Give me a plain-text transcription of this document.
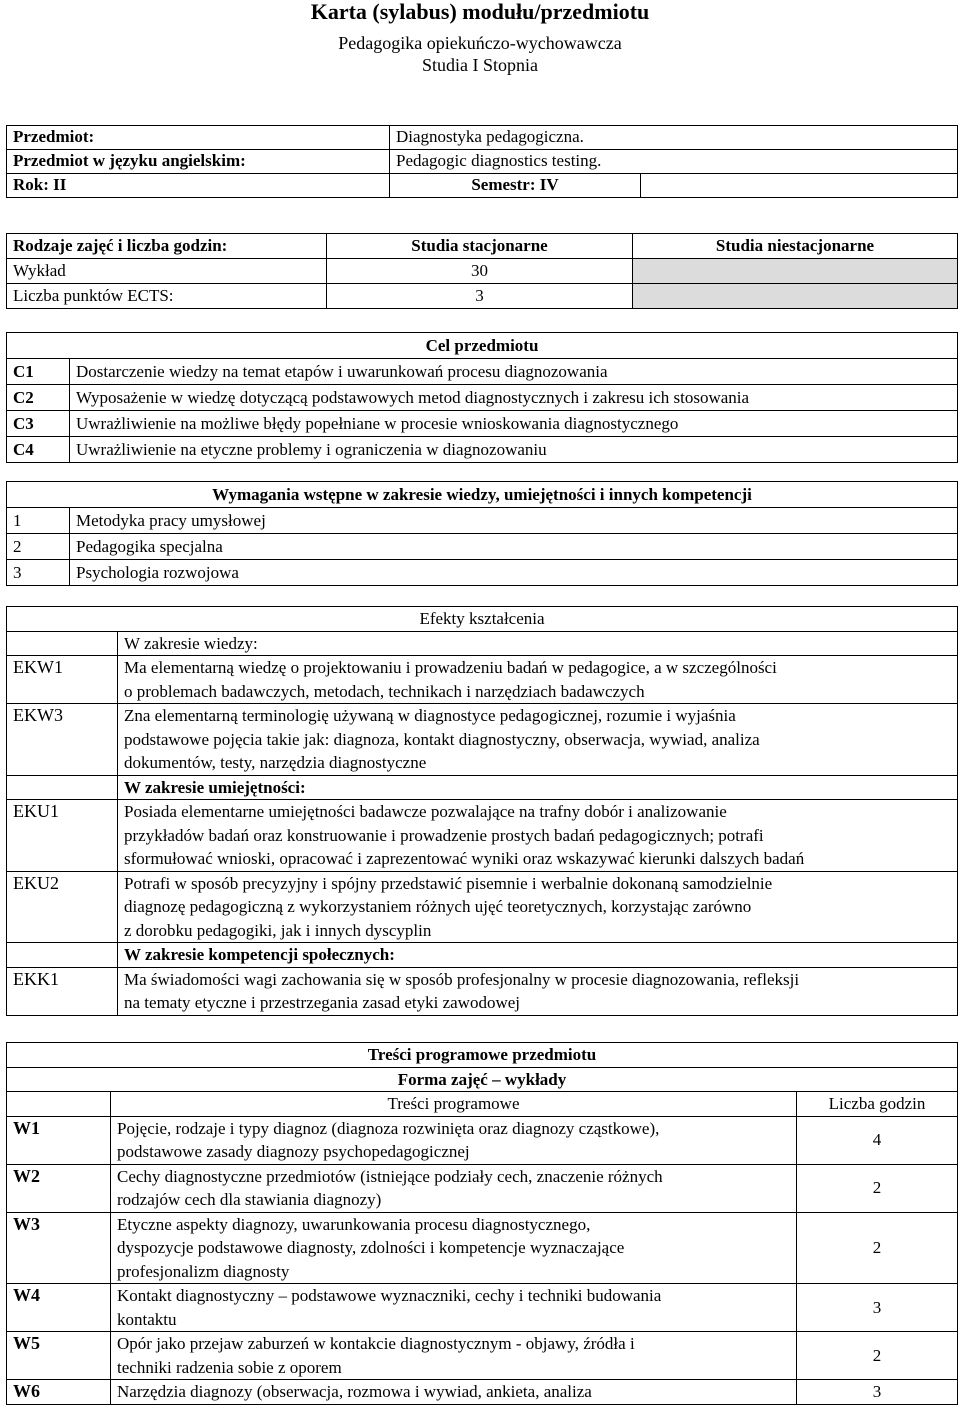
Karta (sylabus) modułu/przedmiotu
Pedagogika opiekuńczo-wychowawcza
Studia I Stopnia
Przedmiot:	Diagnostyka pedagogiczna.	
Przedmiot w języku angielskim:	Pedagogic diagnostics testing.	
Rok: II	Semestr: IV	
Rodzaje zajęć i liczba godzin:	Studia stacjonarne	Studia niestacjonarne
Wykład	30	
Liczba punktów ECTS:	3	
Cel przedmiotu	
C1	Dostarczenie wiedzy na temat etapów i uwarunkowań procesu diagnozowania
C2	Wyposażenie w wiedzę dotyczącą podstawowych metod diagnostycznych i zakresu ich stosowania
C3	Uwrażliwienie na możliwe błędy popełniane w procesie wnioskowania diagnostycznego
C4	Uwrażliwienie na etyczne problemy i ograniczenia w diagnozowaniu
Wymagania wstępne w zakresie wiedzy, umiejętności i innych kompetencji	
1	Metodyka pracy umysłowej
2	Pedagogika specjalna
3	Psychologia rozwojowa
Efekty kształcenia	
	W zakresie wiedzy:
EKW1	Ma elementarną wiedzę o projektowaniu i prowadzeniu badań w pedagogice, a w szczególności
o problemach badawczych, metodach, technikach i narzędziach badawczych

EKW3	Zna elementarną terminologię używaną w diagnostyce pedagogicznej, rozumie i wyjaśnia
podstawowe pojęcia takie jak: diagnoza, kontakt diagnostyczny, obserwacja, wywiad, analiza
dokumentów, testy, narzędzia diagnostyczne

	W zakresie umiejętności:
EKU1	Posiada elementarne umiejętności badawcze pozwalające na trafny dobór i analizowanie
przykładów badań oraz konstruowanie i prowadzenie prostych badań pedagogicznych; potrafi
sformułować wnioski, opracować i zaprezentować wyniki oraz wskazywać kierunki dalszych badań

EKU2	Potrafi w sposób precyzyjny i spójny przedstawić pisemnie i werbalnie dokonaną samodzielnie
diagnozę pedagogiczną z wykorzystaniem różnych ujęć teoretycznych, korzystając zarówno
z dorobku pedagogiki, jak i innych dyscyplin

	W zakresie kompetencji społecznych:
EKK1	Ma świadomości wagi zachowania się w sposób profesjonalny w procesie diagnozowania, refleksji
na tematy etyczne i przestrzegania zasad etyki zawodowej
Treści programowe przedmiotu		
Forma zajęć – wykłady		
	Treści programowe	Liczba godzin
W1	Pojęcie, rodzaje i typy diagnoz (diagnoza rozwinięta oraz diagnozy cząstkowe),
podstawowe zasady diagnozy psychopedagogicznej	4
W2	Cechy diagnostyczne przedmiotów (istniejące podziały cech, znaczenie różnych
rodzajów cech dla stawiania diagnozy)	2
W3	Etyczne aspekty diagnozy, uwarunkowania procesu diagnostycznego,
dyspozycje podstawowe diagnosty, zdolności i kompetencje wyznaczające
profesjonalizm diagnosty	2
W4	Kontakt diagnostyczny – podstawowe wyznaczniki, cechy i techniki budowania
kontaktu	3
W5	Opór jako przejaw zaburzeń w kontakcie diagnostycznym - objawy, źródła i
techniki radzenia sobie z oporem	2
W6	Narzędzia diagnozy (obserwacja, rozmowa i wywiad, ankieta, analiza	3
